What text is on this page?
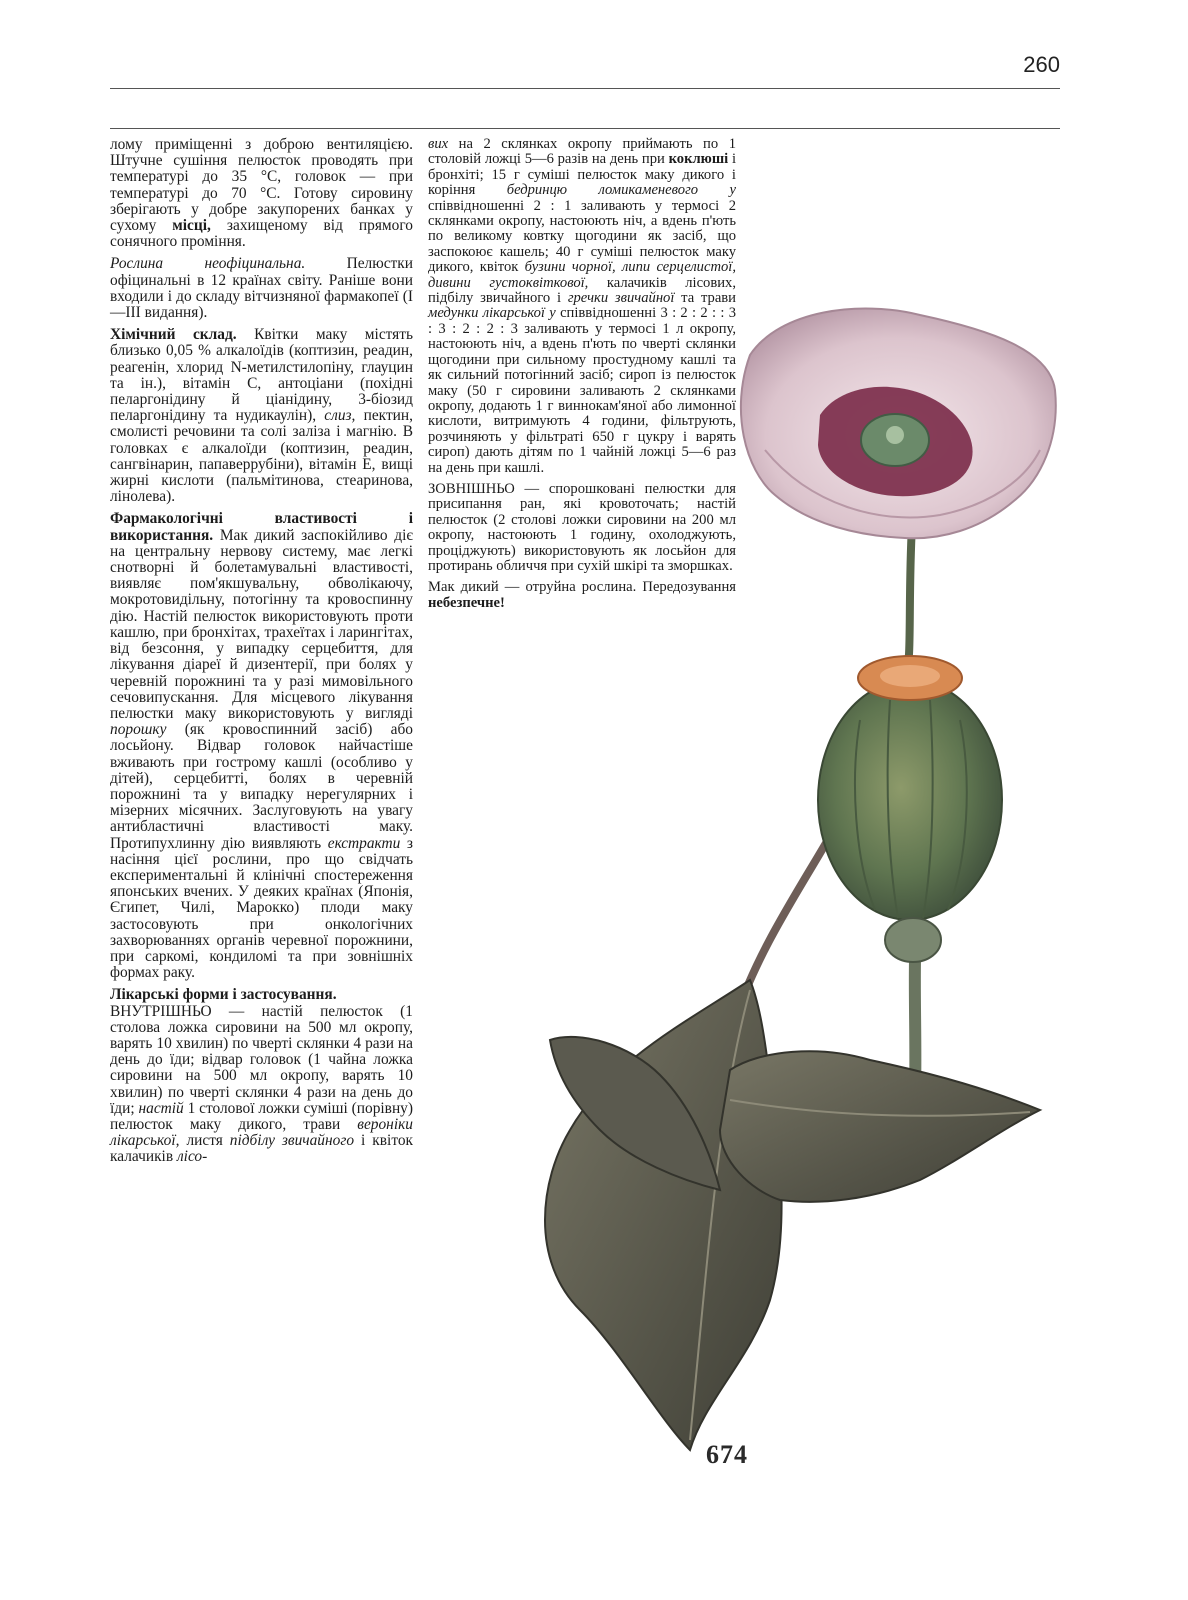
260

лому приміщенні з доброю вентиляцією. Штучне сушіння пелюсток проводять при температурі до 35 °С, головок — при температурі до 70 °С. Готову сировину зберігають у добре закупорених банках у сухому місці, захищеному від прямого сонячного проміння.

Рослина неофіцинальна. Пелюстки офіцинальні в 12 країнах світу. Раніше вони входили і до складу вітчизняної фармакопеї (І —III видання).

Хімічний склад. Квітки маку містять близько 0,05 % алкалоїдів (коптизин, реадин, реагенін, хлорид N-метилстилопіну, глауцин та ін.), вітамін С, антоціани (похідні пеларгонідину й ціанідину, 3-біозид пеларгонідину та нудикаулін), слиз, пектин, смолисті речовини та солі заліза і магнію. В головках є алкалоїди (коптизин, реадин, сангвінарин, папаверрубіни), вітамін Е, вищі жирні кислоти (пальмітинова, стеаринова, лінолева).

Фармакологічні властивості і використання. Мак дикий заспокійливо діє на центральну нервову систему, має легкі снотворні й болетамувальні властивості, виявляє пом'якшувальну, обволікаючу, мокротовидільну, потогінну та кровоспинну дію. Настій пелюсток використовують проти кашлю, при бронхітах, трахеїтах і ларингітах, від безсоння, у випадку серцебиття, для лікування діареї й дизентерії, при болях у черевній порожнині та у разі мимовільного сечовипускання. Для місцевого лікування пелюстки маку використовують у вигляді порошку (як кровоспинний засіб) або лосьйону. Відвар головок найчастіше вживають при гострому кашлі (особливо у дітей), серцебитті, болях в черевній порожнині та у випадку нерегулярних і мізерних місячних. Заслуговують на увагу антибластичні властивості маку. Протипухлинну дію виявляють екстракти з насіння цієї рослини, про що свідчать експериментальні й клінічні спостереження японських вчених. У деяких країнах (Японія, Єгипет, Чилі, Марокко) плоди маку застосовують при онкологічних захворюваннях органів черевної порожнини, при саркомі, кондиломі та при зовнішніх формах раку.

Лікарські форми і застосування.

ВНУТРІШНЬО — настій пелюсток (1 столова ложка сировини на 500 мл окропу, варять 10 хвилин) по чверті склянки 4 рази на день до їди; відвар головок (1 чайна ложка сировини на 500 мл окропу, варять 10 хвилин) по чверті склянки 4 рази на день до їди; настій 1 столової ложки суміші (порівну) пелюсток маку дикого, трави вероніки лікарської, листя підбілу звичайного і квіток калачиків лісо-

вих на 2 склянках окропу приймають по 1 столовій ложці 5—6 разів на день при коклюші і бронхіті; 15 г суміші пелюсток маку дикого і коріння бедринцю ломикаменевого у співвідношенні 2 : 1 заливають у термосі 2 склянками окропу, настоюють ніч, а вдень п'ють по великому ковтку щогодини як засіб, що заспокоює кашель; 40 г суміші пелюсток маку дикого, квіток бузини чорної, липи серцелистої, дивини густоквіткової, калачиків лісових, підбілу звичайного і гречки звичайної та трави медунки лікарської у співвідношенні 3 : 2 : 2 : : 3 : 3 : 2 : 2 : 3 заливають у термосі 1 л окропу, настоюють ніч, а вдень п'ють по чверті склянки щогодини при сильному простудному кашлі та як сильний потогінний засіб; сироп із пелюсток маку (50 г сировини заливають 2 склянками окропу, додають 1 г виннокам'яної або лимонної кислоти, витримують 4 години, фільтрують, розчиняють у фільтраті 650 г цукру і варять сироп) дають дітям по 1 чайній ложці 5—6 раз на день при кашлі.

ЗОВНІШНЬО — спорошковані пелюстки для присипання ран, які кровоточать; настій пелюсток (2 столові ложки сировини на 200 мл окропу, настоюють 1 годину, охолоджують, проціджують) використовують як лосьйон для протирань обличчя при сухій шкірі та зморшках.

Мак дикий — отруйна рослина. Передозування небезпечне!

674
